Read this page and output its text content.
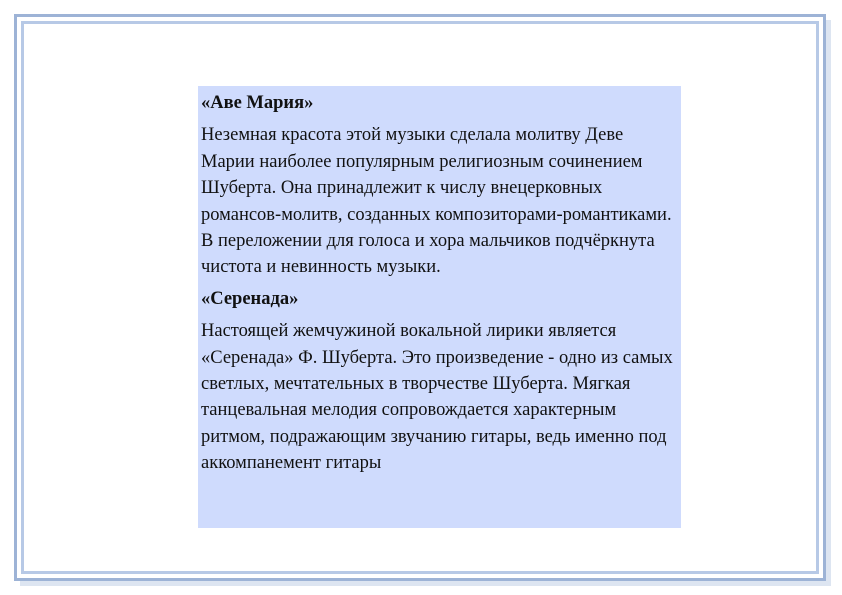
«Аве Мария»

Неземная красота этой музыки сделала молитву Деве Марии наиболее популярным религиозным сочинением Шуберта. Она принадлежит к числу внецерковных романсов-молитв, созданных композиторами-романтиками. В переложении для голоса и хора мальчиков подчёркнута чистота и невинность музыки.

«Серенада»

Настоящей жемчужиной вокальной лирики является «Серенада» Ф. Шуберта. Это произведение - одно из самых светлых, мечтательных в творчестве Шуберта. Мягкая танцевальная мелодия сопровождается характерным ритмом, подражающим звучанию гитары, ведь именно под аккомпанемент гитары
